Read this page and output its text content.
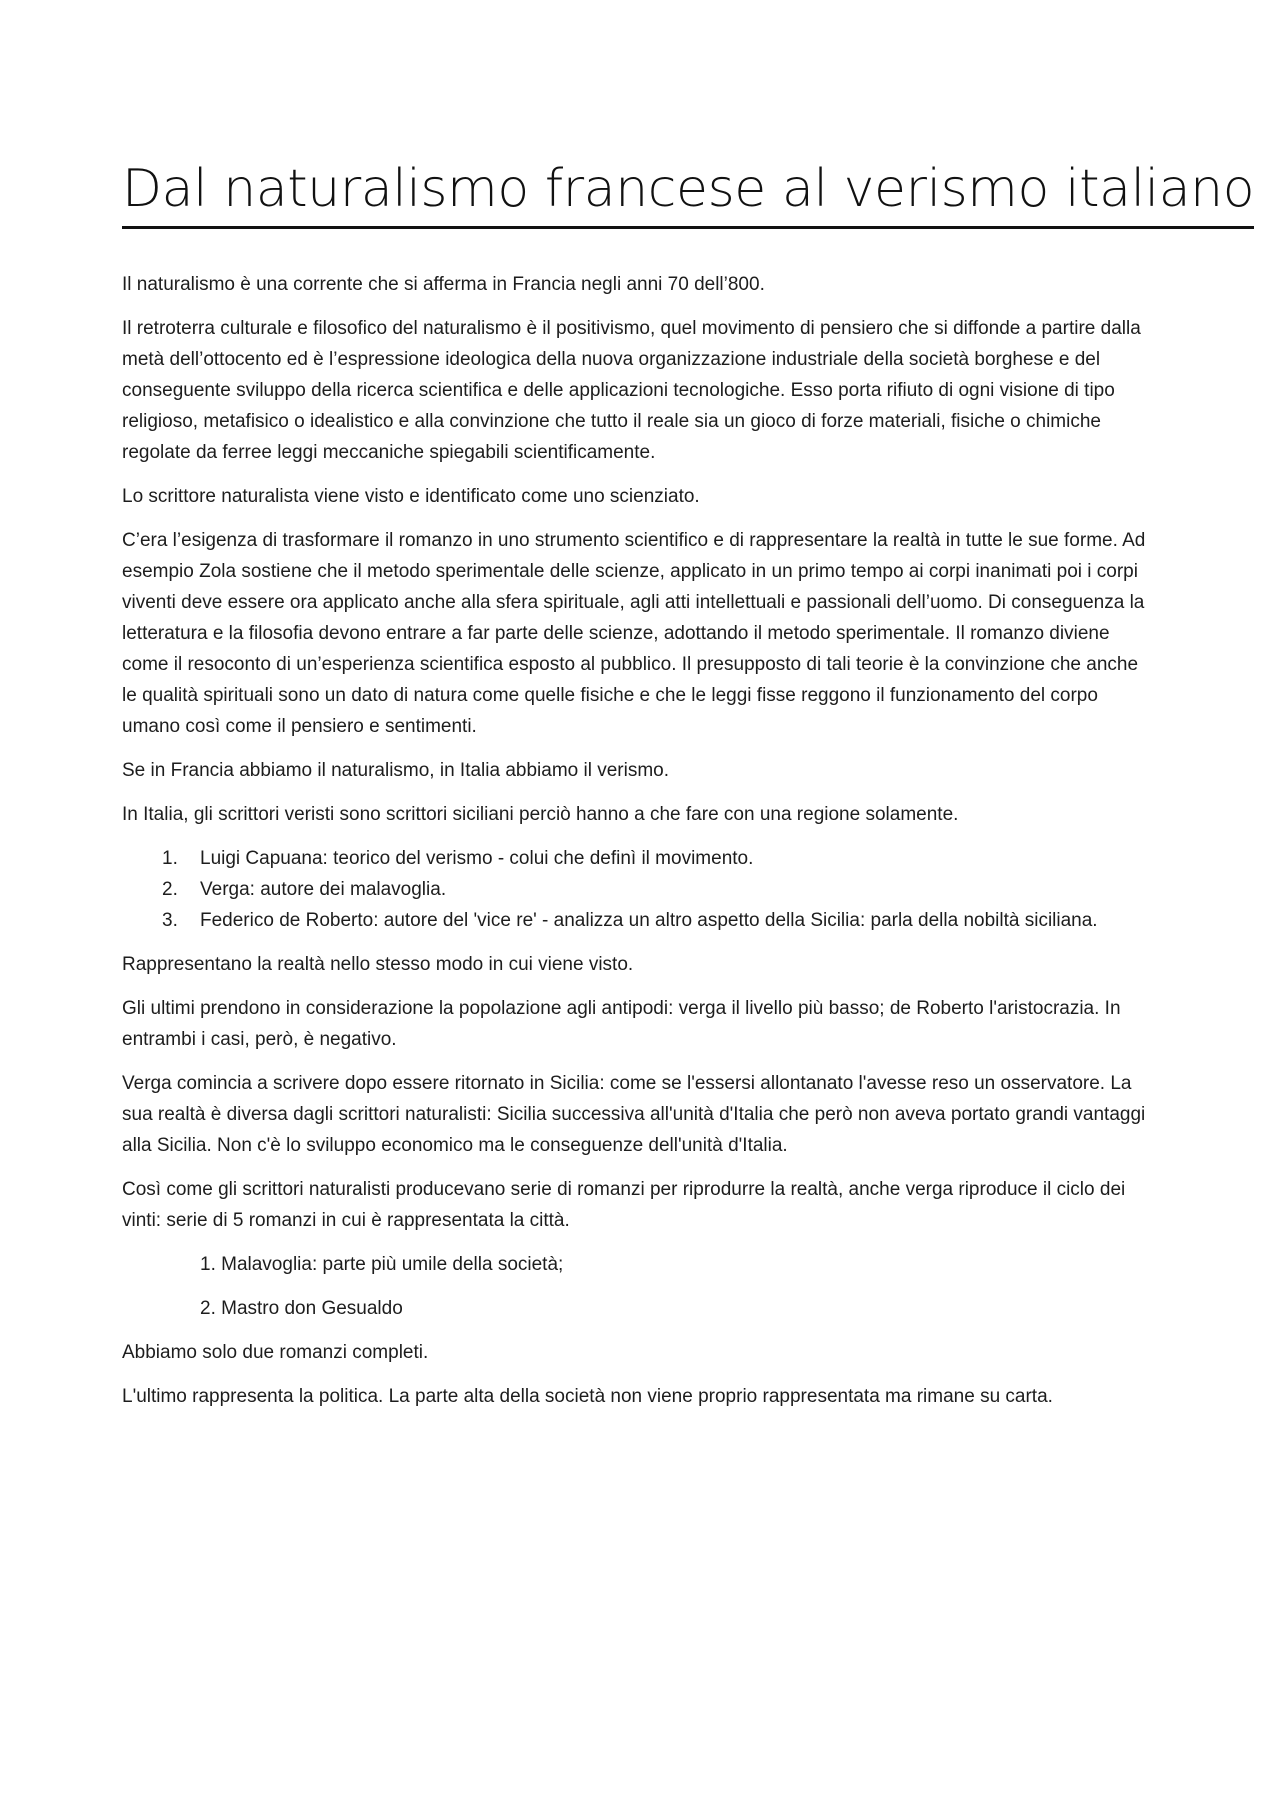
Dal naturalismo francese al verismo italiano

Il naturalismo è una corrente che si afferma in Francia negli anni 70 dell’800.

Il retroterra culturale e filosofico del naturalismo è il positivismo, quel movimento di pensiero che si diffonde a partire dalla metà dell’ottocento ed è l’espressione ideologica della nuova organizzazione industriale della società borghese e del conseguente sviluppo della ricerca scientifica e delle applicazioni tecnologiche. Esso porta rifiuto di ogni visione di tipo religioso, metafisico o idealistico e alla convinzione che tutto il reale sia un gioco di forze materiali, fisiche o chimiche regolate da ferree leggi meccaniche spiegabili scientificamente.

Lo scrittore naturalista viene visto e identificato come uno scienziato.

C’era l’esigenza di trasformare il romanzo in uno strumento scientifico e di rappresentare la realtà in tutte le sue forme. Ad esempio Zola sostiene che il metodo sperimentale delle scienze, applicato in un primo tempo ai corpi inanimati poi i corpi viventi deve essere ora applicato anche alla sfera spirituale, agli atti intellettuali e passionali dell’uomo. Di conseguenza la letteratura e la filosofia devono entrare a far parte delle scienze, adottando il metodo sperimentale. Il romanzo diviene come il resoconto di un’esperienza scientifica esposto al pubblico. Il presupposto di tali teorie è la convinzione che anche le qualità spirituali sono un dato di natura come quelle fisiche e che le leggi fisse reggono il funzionamento del corpo umano così come il pensiero e sentimenti.

Se in Francia abbiamo il naturalismo, in Italia abbiamo il verismo.

In Italia, gli scrittori veristi sono scrittori siciliani perciò hanno a che fare con una regione solamente.

1. Luigi Capuana: teorico del verismo - colui che definì il movimento.
2. Verga: autore dei malavoglia.
3. Federico de Roberto: autore del 'vice re' - analizza un altro aspetto della Sicilia: parla della nobiltà siciliana.

Rappresentano la realtà nello stesso modo in cui viene visto.

Gli ultimi prendono in considerazione la popolazione agli antipodi: verga il livello più basso; de Roberto l'aristocrazia. In entrambi i casi, però, è negativo.

Verga comincia a scrivere dopo essere ritornato in Sicilia: come se l'essersi allontanato l'avesse reso un osservatore. La sua realtà è diversa dagli scrittori naturalisti: Sicilia successiva all'unità d'Italia che però non aveva portato grandi vantaggi alla Sicilia. Non c'è lo sviluppo economico ma le conseguenze dell'unità d'Italia.

Così come gli scrittori naturalisti producevano serie di romanzi per riprodurre la realtà, anche verga riproduce il ciclo dei vinti: serie di 5 romanzi in cui è rappresentata la città.

1. Malavoglia: parte più umile della società;
2. Mastro don Gesualdo

Abbiamo solo due romanzi completi.

L'ultimo rappresenta la politica. La parte alta della società non viene proprio rappresentata ma rimane su carta.
